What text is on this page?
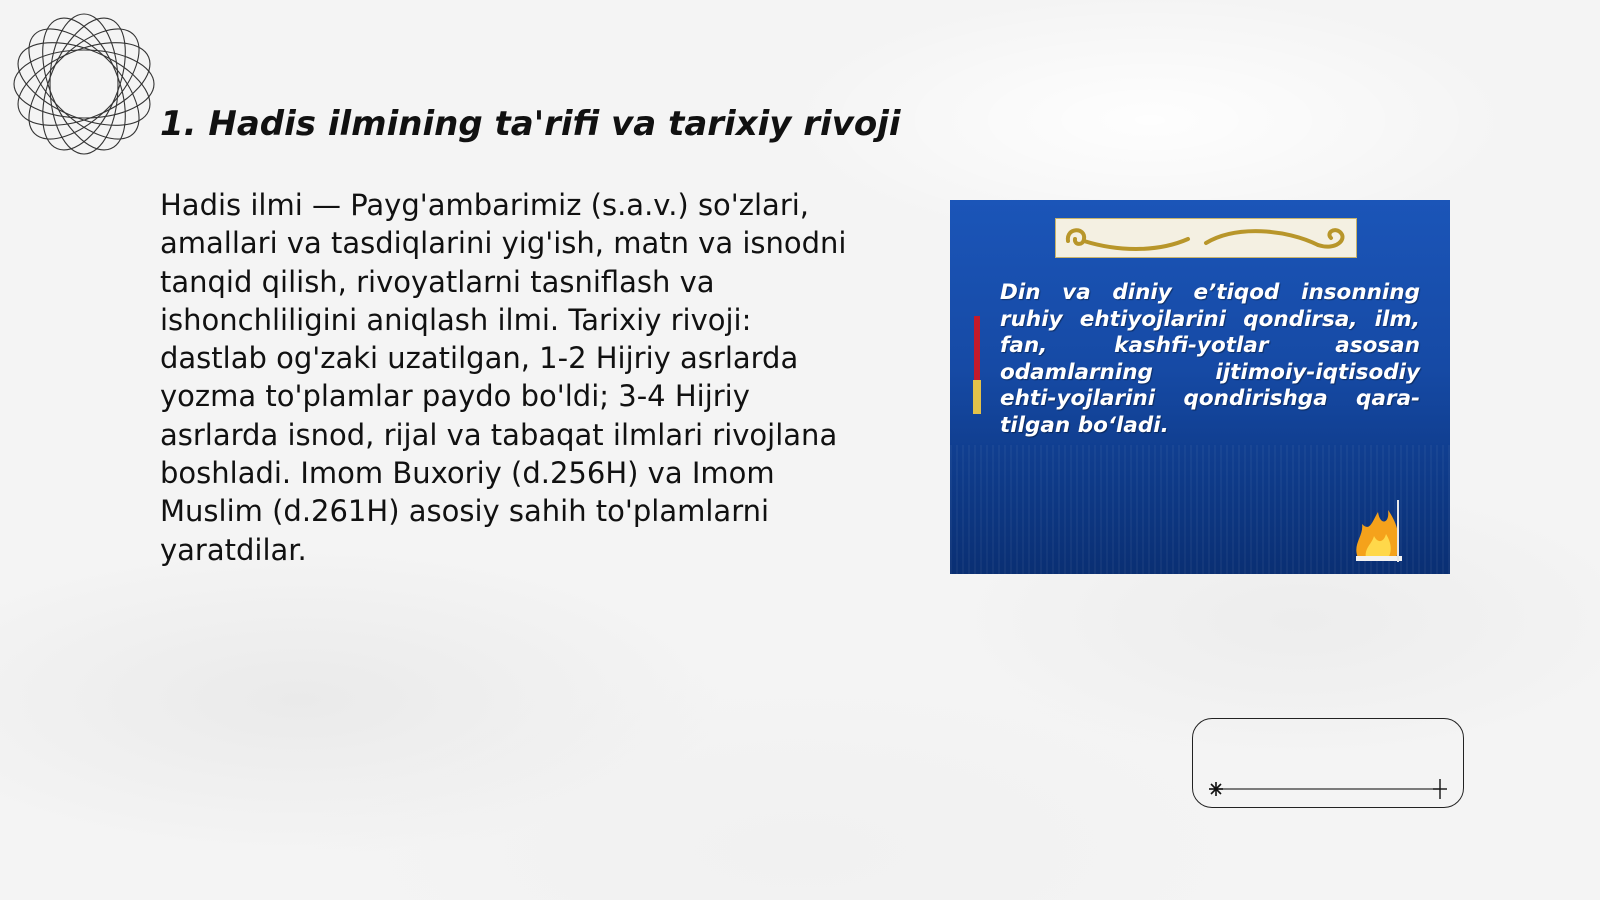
1. Hadis ilmining ta'rifi va tarixiy rivoji

Hadis ilmi — Payg'ambarimiz (s.a.v.) so'zlari, amallari va tasdiqlarini yig'ish, matn va isnodni tanqid qilish, rivoyatlarni tasniflash va ishonchliligini aniqlash ilmi. Tarixiy rivoji: dastlab og'zaki uzatilgan, 1-2 Hijriy asrlarda yozma to'plamlar paydo bo'ldi; 3-4 Hijriy asrlarda isnod, rijal va tabaqat ilmlari rivojlana boshladi. Imom Buxoriy (d.256H) va Imom Muslim (d.261H) asosiy sahih to'plamlarni yaratdilar.

Din va diniy e’tiqod insonning ruhiy ehtiyojlarini qondirsa, ilm, fan, kashfi-yotlar asosan odamlarning ijtimoiy-iqtisodiy ehti-yojlarini qondirishga qara-tilgan bo‘ladi.
